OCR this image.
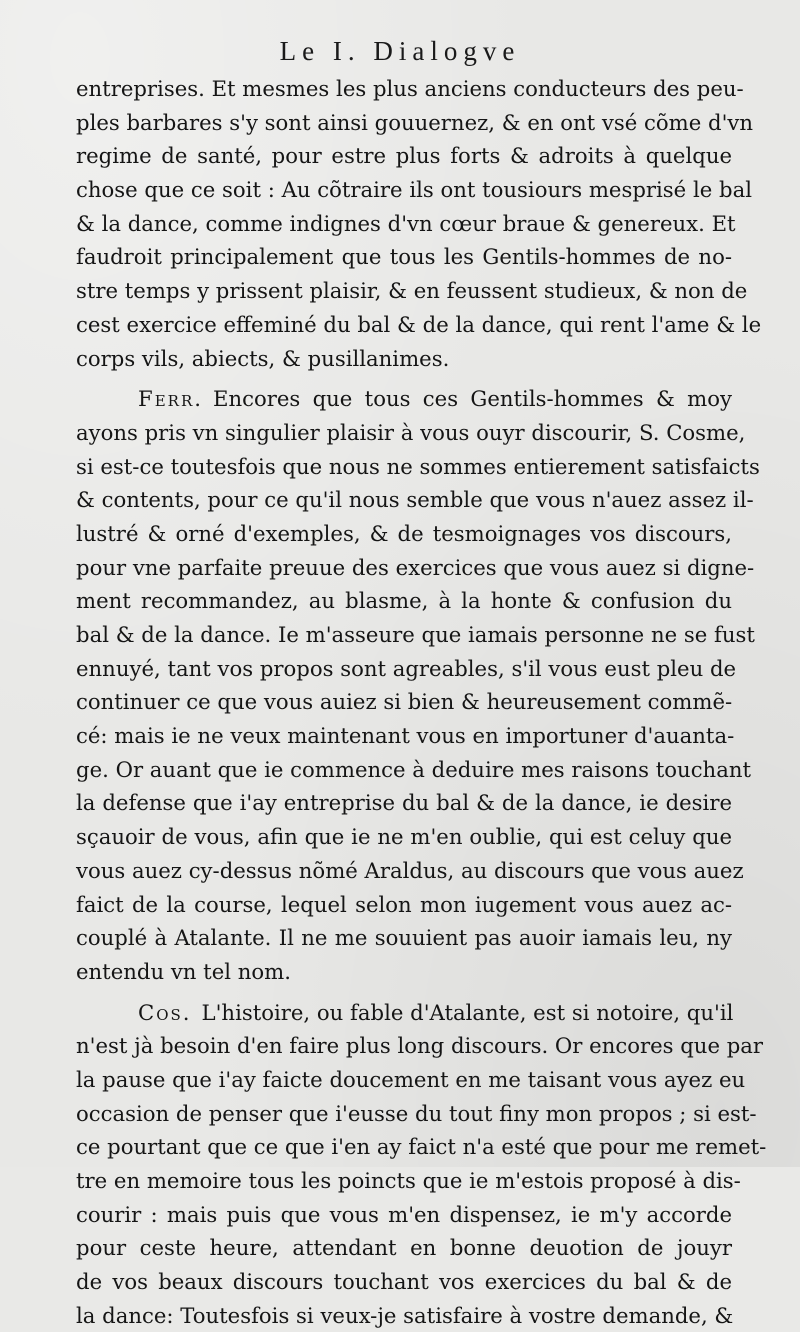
Le I. Dialogve
entreprises. Et mesmes les plus anciens conducteurs des peu-
ples barbares s'y sont ainsi gouuernez, & en ont vsé cõme d'vn
regime de santé, pour estre plus forts & adroits à quelque
chose que ce soit : Au cõtraire ils ont tousiours mesprisé le bal
& la dance, comme indignes d'vn cœur braue & genereux. Et
faudroit principalement que tous les Gentils-hommes de no-
stre temps y prissent plaisir, & en feussent studieux, & non de
cest exercice effeminé du bal & de la dance, qui rent l'ame & le
corps vils, abiects, & pusillanimes.
Ferr. Encores que tous ces Gentils-hommes & moy
ayons pris vn singulier plaisir à vous ouyr discourir, S. Cosme,
si est-ce toutesfois que nous ne sommes entierement satisfaicts
& contents, pour ce qu'il nous semble que vous n'auez assez il-
lustré & orné d'exemples, & de tesmoignages vos discours,
pour vne parfaite preuue des exercices que vous auez si digne-
ment recommandez, au blasme, à la honte & confusion du
bal & de la dance. Ie m'asseure que iamais personne ne se fust
ennuyé, tant vos propos sont agreables, s'il vous eust pleu de
continuer ce que vous auiez si bien & heureusement commẽ-
cé: mais ie ne veux maintenant vous en importuner d'auanta-
ge. Or auant que ie commence à deduire mes raisons touchant
la defense que i'ay entreprise du bal & de la dance, ie desire
sçauoir de vous, afin que ie ne m'en oublie, qui est celuy que
vous auez cy-dessus nõmé Araldus, au discours que vous auez
faict de la course, lequel selon mon iugement vous auez ac-
couplé à Atalante. Il ne me souuient pas auoir iamais leu, ny
entendu vn tel nom.
Cos. L'histoire, ou fable d'Atalante, est si notoire, qu'il
n'est jà besoin d'en faire plus long discours. Or encores que par
la pause que i'ay faicte doucement en me taisant vous ayez eu
occasion de penser que i'eusse du tout finy mon propos ; si est-
ce pourtant que ce que i'en ay faict n'a esté que pour me remet-
tre en memoire tous les poincts que ie m'estois proposé à dis-
courir : mais puis que vous m'en dispensez, ie m'y accorde
pour ceste heure, attendant en bonne deuotion de jouyr
de vos beaux discours touchant vos exercices du bal & de
la dance: Toutesfois si veux-je satisfaire à vostre demande, &
